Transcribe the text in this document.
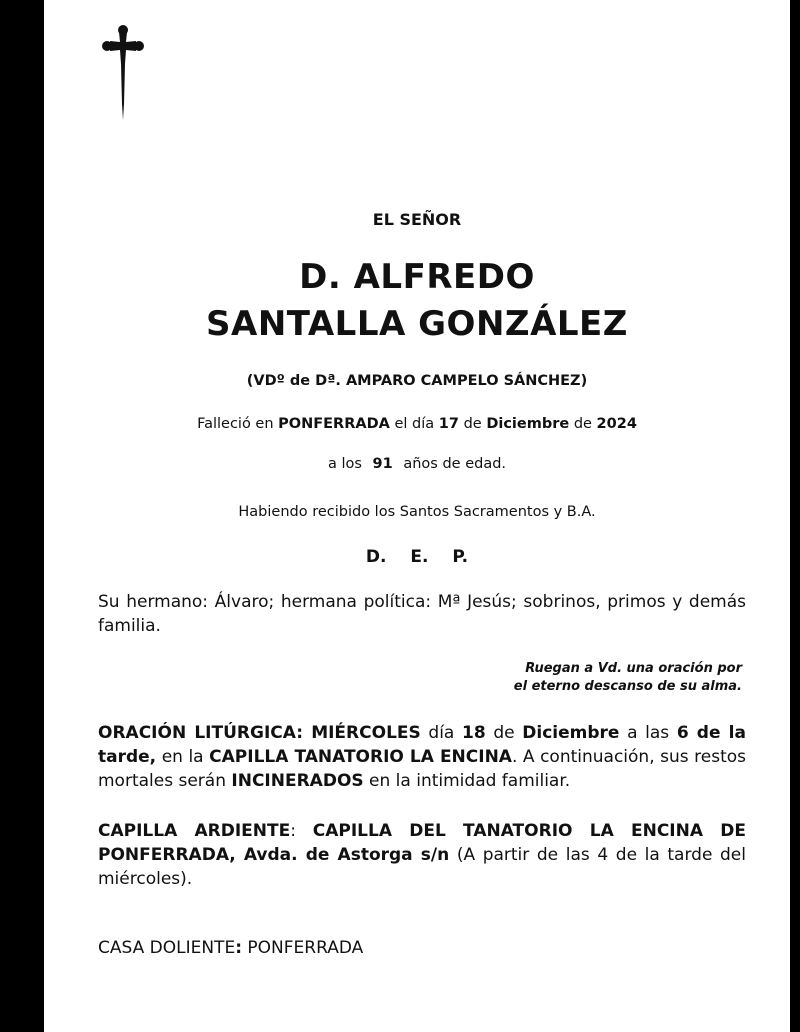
EL SEÑOR
D. ALFREDO
SANTALLA GONZÁLEZ
(VDº de Dª. AMPARO CAMPELO SÁNCHEZ)
Falleció en PONFERRADA el día 17 de Diciembre de 2024
a los 91 años de edad.
Habiendo recibido los Santos Sacramentos y B.A.
D. E. P.
Su hermano: Álvaro; hermana política: Mª Jesús; sobrinos, primos y demás familia.
Ruegan a Vd. una oración por
el eterno descanso de su alma.
ORACIÓN LITÚRGICA: MIÉRCOLES día 18 de Diciembre a las 6 de la tarde, en la CAPILLA TANATORIO LA ENCINA. A continuación, sus restos mortales serán INCINERADOS en la intimidad familiar.
CAPILLA ARDIENTE: CAPILLA DEL TANATORIO LA ENCINA DE PONFERRADA, Avda. de Astorga s/n (A partir de las 4 de la tarde del miércoles).
CASA DOLIENTE: PONFERRADA
